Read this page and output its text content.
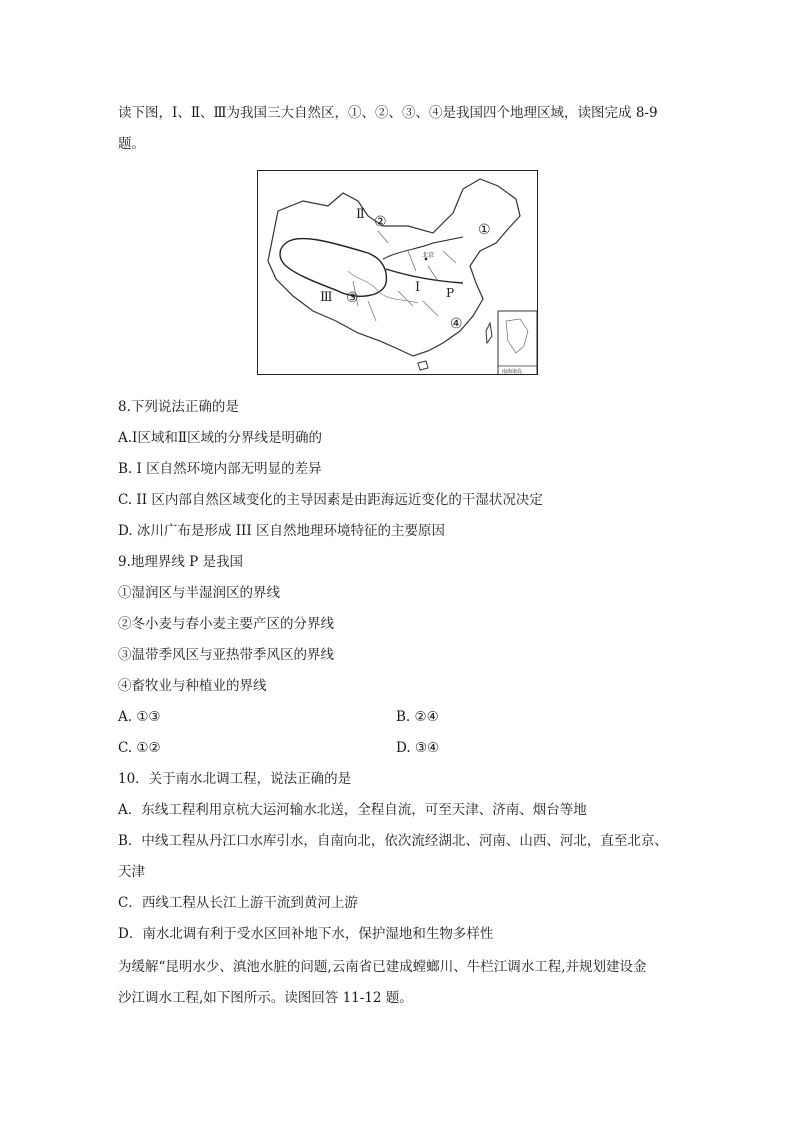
读下图，Ⅰ、Ⅱ、Ⅲ为我国三大自然区，①、②、③、④是我国四个地理区域，读图完成 8-9
题。
南海诸岛
Ⅱ ②
Ⅲ ③
Ⅰ P
①
④
北京
8.下列说法正确的是
A.Ⅰ区域和Ⅱ区域的分界线是明确的
B. I 区自然环境内部无明显的差异
C. II 区内部自然区域变化的主导因素是由距海远近变化的干湿状况决定
D. 冰川广布是形成 III 区自然地理环境特征的主要原因
9.地理界线 P 是我国
①湿润区与半湿润区的界线
②冬小麦与春小麦主要产区的分界线
③温带季风区与亚热带季风区的界线
④畜牧业与种植业的界线
A. ①③	B. ②④
C. ①②	D. ③④
10．关于南水北调工程，说法正确的是
A．东线工程利用京杭大运河输水北送，全程自流，可至天津、济南、烟台等地
B．中线工程从丹江口水库引水，自南向北，依次流经湖北、河南、山西、河北，直至北京、
天津
C．西线工程从长江上游干流到黄河上游
D．南水北调有利于受水区回补地下水，保护湿地和生物多样性
为缓解“昆明水少、滇池水脏的问题,云南省已建成螳螂川、牛栏江调水工程,并规划建设金
沙江调水工程,如下图所示。读图回答 11-12 题。
